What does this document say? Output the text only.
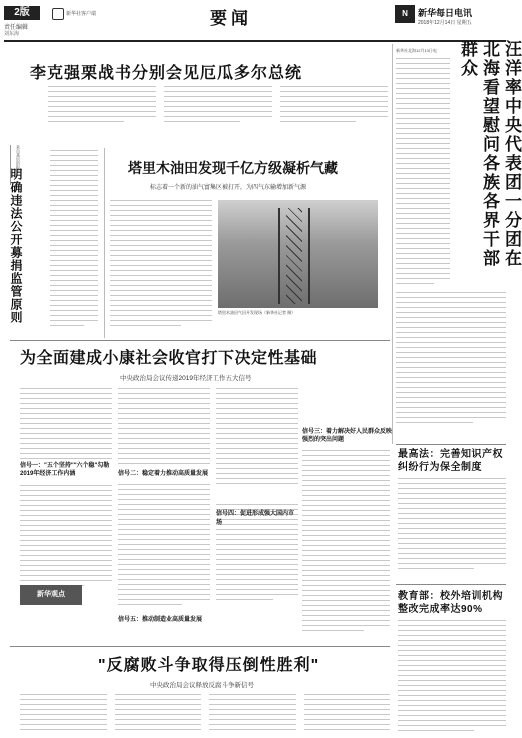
2版
责任编辑
刘东海
新华社客户端	要闻	N	新华每日电讯
2018年12月14日 星期五
李克强栗战书分别会见厄瓜多尔总统
来自基层的报告
明确违法公开募捐监管原则	塔里木油田发现千亿方级凝析气藏
标志着一个新的油气富集区被打开，为四气东输增加新气源
塔里木油田气田开发现场（新华社记者 摄）
新华社北海12月13日电	汪洋率中央代表团一分团在北海看望慰问各族各界干部群众
为全面建成小康社会收官打下决定性基础
中央政治局会议传递2019年经济工作五大信号
信号一："五个坚持""六个稳"勾勒2019年经济工作内涵	信号二：稳定着力推动高质量发展
信号四：促进形成强大国内市场
信号五：推动制造业高质量发展
信号三：着力解决好人民群众反映强烈的突出问题
新华观点
最高法：完善知识产权纠纷行为保全制度
教育部：校外培训机构整改完成率达90%
"反腐败斗争取得压倒性胜利"
中央政治局会议释放反腐斗争新信号
